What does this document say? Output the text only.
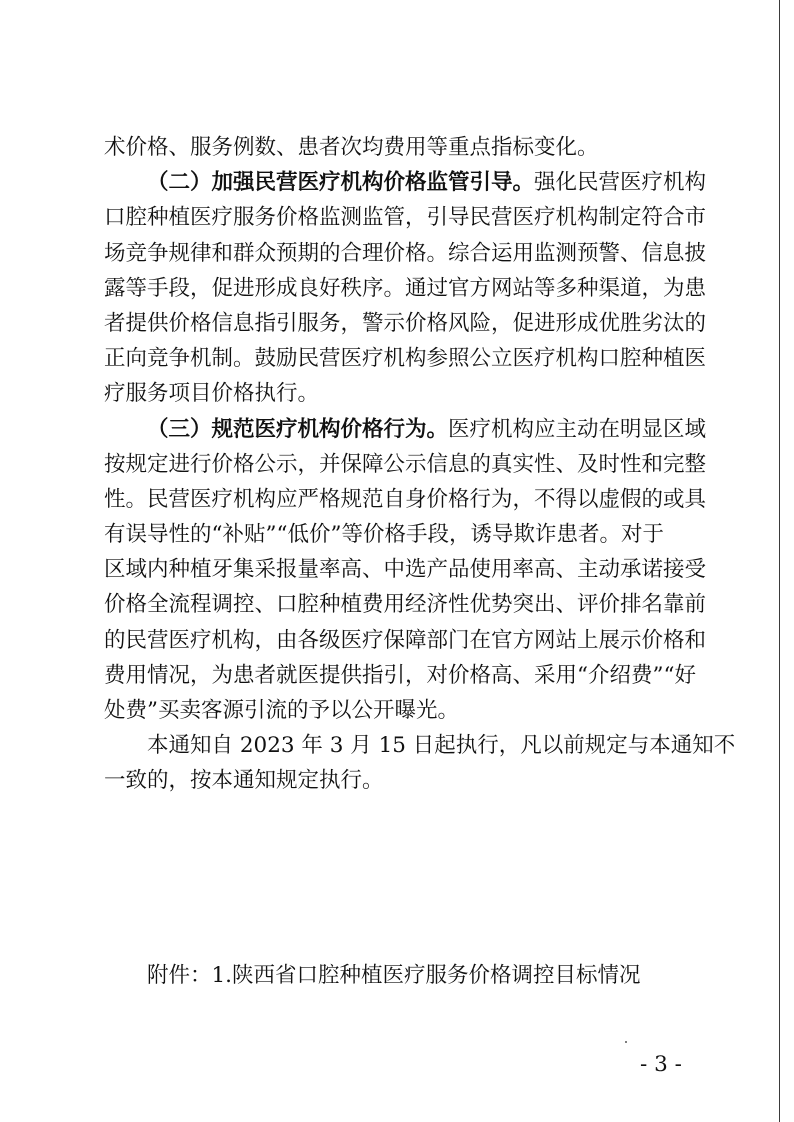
术价格、服务例数、患者次均费用等重点指标变化。
（二）加强民营医疗机构价格监管引导。强化民营医疗机构
口腔种植医疗服务价格监测监管，引导民营医疗机构制定符合市
场竞争规律和群众预期的合理价格。综合运用监测预警、信息披
露等手段，促进形成良好秩序。通过官方网站等多种渠道，为患
者提供价格信息指引服务，警示价格风险，促进形成优胜劣汰的
正向竞争机制。鼓励民营医疗机构参照公立医疗机构口腔种植医
疗服务项目价格执行。
（三）规范医疗机构价格行为。医疗机构应主动在明显区域
按规定进行价格公示，并保障公示信息的真实性、及时性和完整
性。民营医疗机构应严格规范自身价格行为，不得以虚假的或具
有误导性的“补贴”“低价”等价格手段，诱导欺诈患者。对于
区域内种植牙集采报量率高、中选产品使用率高、主动承诺接受
价格全流程调控、口腔种植费用经济性优势突出、评价排名靠前
的民营医疗机构，由各级医疗保障部门在官方网站上展示价格和
费用情况，为患者就医提供指引，对价格高、采用“介绍费”“好
处费”买卖客源引流的予以公开曝光。
本通知自 2023 年 3 月 15 日起执行，凡以前规定与本通知不
一致的，按本通知规定执行。
附件：1.陕西省口腔种植医疗服务价格调控目标情况
- 3 -
